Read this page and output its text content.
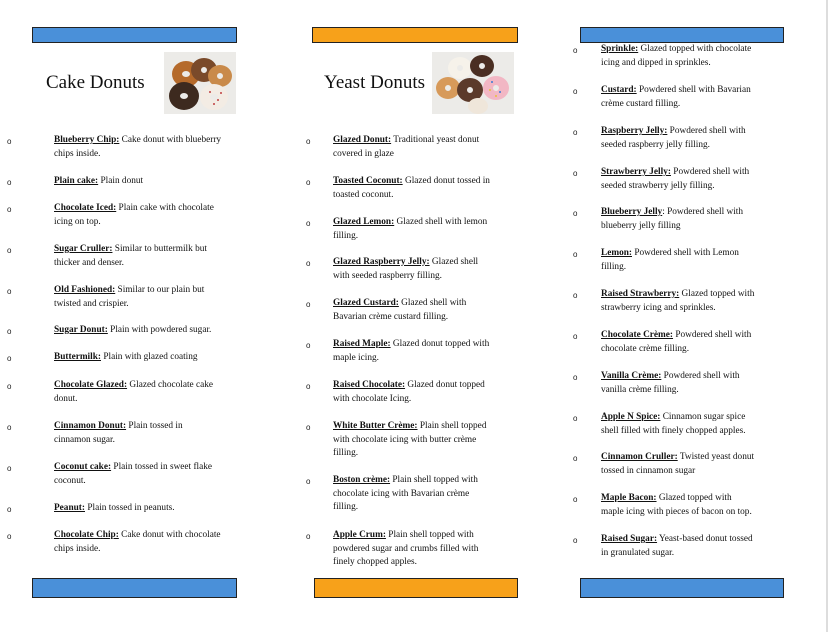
Cake Donuts	Yeast Donuts
o	Blueberry Chip: Cake donut with blueberry
chips inside.
o	Plain cake: Plain donut
o	Chocolate Iced: Plain cake with chocolate
icing on top.
o	Sugar Cruller: Similar to buttermilk but
thicker and denser.
o	Old Fashioned: Similar to our plain but
twisted and crispier.
o	Sugar Donut: Plain with powdered sugar.
o	Buttermilk: Plain with glazed coating
o	Chocolate Glazed: Glazed chocolate cake
donut.
o	Cinnamon Donut: Plain tossed in
cinnamon sugar.
o	Coconut cake: Plain tossed in sweet flake
coconut.
o	Peanut: Plain tossed in peanuts.
o	Chocolate Chip: Cake donut with chocolate
chips inside.
o Glazed Donut: Traditional yeast donut
covered in glaze
o Toasted Coconut: Glazed donut tossed in
toasted coconut.
o Glazed Lemon: Glazed shell with lemon
filling.
o Glazed Raspberry Jelly: Glazed shell
with seeded raspberry filling.
o Glazed Custard: Glazed shell with
Bavarian crème custard filling.
o Raised Maple: Glazed donut topped with
maple icing.
o Raised Chocolate: Glazed donut topped
with chocolate Icing.
o White Butter Crème: Plain shell topped
with chocolate icing with butter crème
filling.
o Boston crème: Plain shell topped with
chocolate icing with Bavarian crème
filling.
o Apple Crum: Plain shell topped with
powdered sugar and crumbs filled with
finely chopped apples.
o	Sprinkle: Glazed topped with chocolate
icing and dipped in sprinkles.
o	Custard: Powdered shell with Bavarian
crème custard filling.
o	Raspberry Jelly: Powdered shell with
seeded raspberry jelly filling.
o	Strawberry Jelly: Powdered shell with
seeded strawberry jelly filling.
o	Blueberry Jelly: Powdered shell with
blueberry jelly filling
o	Lemon: Powdered shell with Lemon
filling.
o	Raised Strawberry: Glazed topped with
strawberry icing and sprinkles.
o	Chocolate Crème: Powdered shell with
chocolate crème filling.
o	Vanilla Crème: Powdered shell with
vanilla crème filling.
o	Apple N Spice: Cinnamon sugar spice
shell filled with finely chopped apples.
o	Cinnamon Cruller: Twisted yeast donut
tossed in cinnamon sugar
o	Maple Bacon: Glazed topped with
maple icing with pieces of bacon on top.
o	Raised Sugar: Yeast-based donut tossed
in granulated sugar.
